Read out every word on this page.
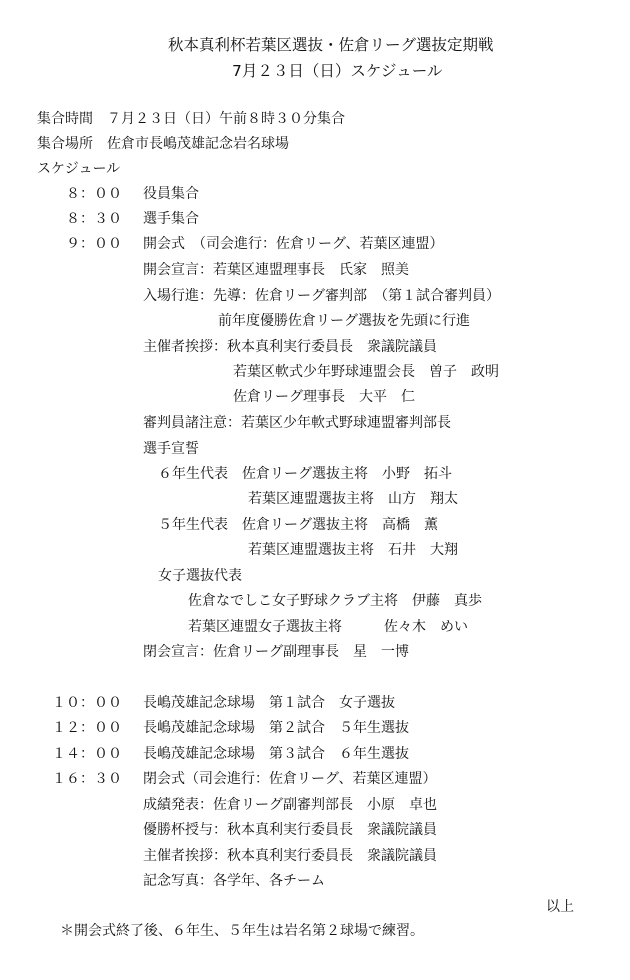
秋本真利杯若葉区選抜・佐倉リーグ選抜定期戦
7月２３日（日）スケジュール
集合時間　７月２３日（日）午前８時３０分集合
集合場所　佐倉市長嶋茂雄記念岩名球場
スケジュール
８：００ 役員集合
８：３０ 選手集合
９：００ 開会式　（司会進行：佐倉リーグ、若葉区連盟）
開会宣言：若葉区連盟理事長　氏家　照美
入場行進：先導：佐倉リーグ審判部　（第１試合審判員）
前年度優勝佐倉リーグ選抜を先頭に行進
主催者挨拶：秋本真利実行委員長　衆議院議員
若葉区軟式少年野球連盟会長　曽子　政明
佐倉リーグ理事長　大平　仁
審判員諸注意：若葉区少年軟式野球連盟審判部長
選手宣誓
６年生代表　佐倉リーグ選抜主将　小野　拓斗
若葉区連盟選抜主将　山方　翔太
５年生代表　佐倉リーグ選抜主将　高橋　薫
若葉区連盟選抜主将　石井　大翔
女子選抜代表
佐倉なでしこ女子野球クラブ主将　伊藤　真歩
若葉区連盟女子選抜主将　　　佐々木　めい
閉会宣言：佐倉リーグ副理事長　星　一博
１０：００ 長嶋茂雄記念球場　第１試合　女子選抜
１２：００ 長嶋茂雄記念球場　第２試合　５年生選抜
１４：００ 長嶋茂雄記念球場　第３試合　６年生選抜
１６：３０ 閉会式（司会進行：佐倉リーグ、若葉区連盟）
成績発表：佐倉リーグ副審判部長　小原　卓也
優勝杯授与：秋本真利実行委員長　衆議院議員
主催者挨拶：秋本真利実行委員長　衆議院議員
記念写真：各学年、各チーム
以上
＊開会式終了後、６年生、５年生は岩名第２球場で練習。
